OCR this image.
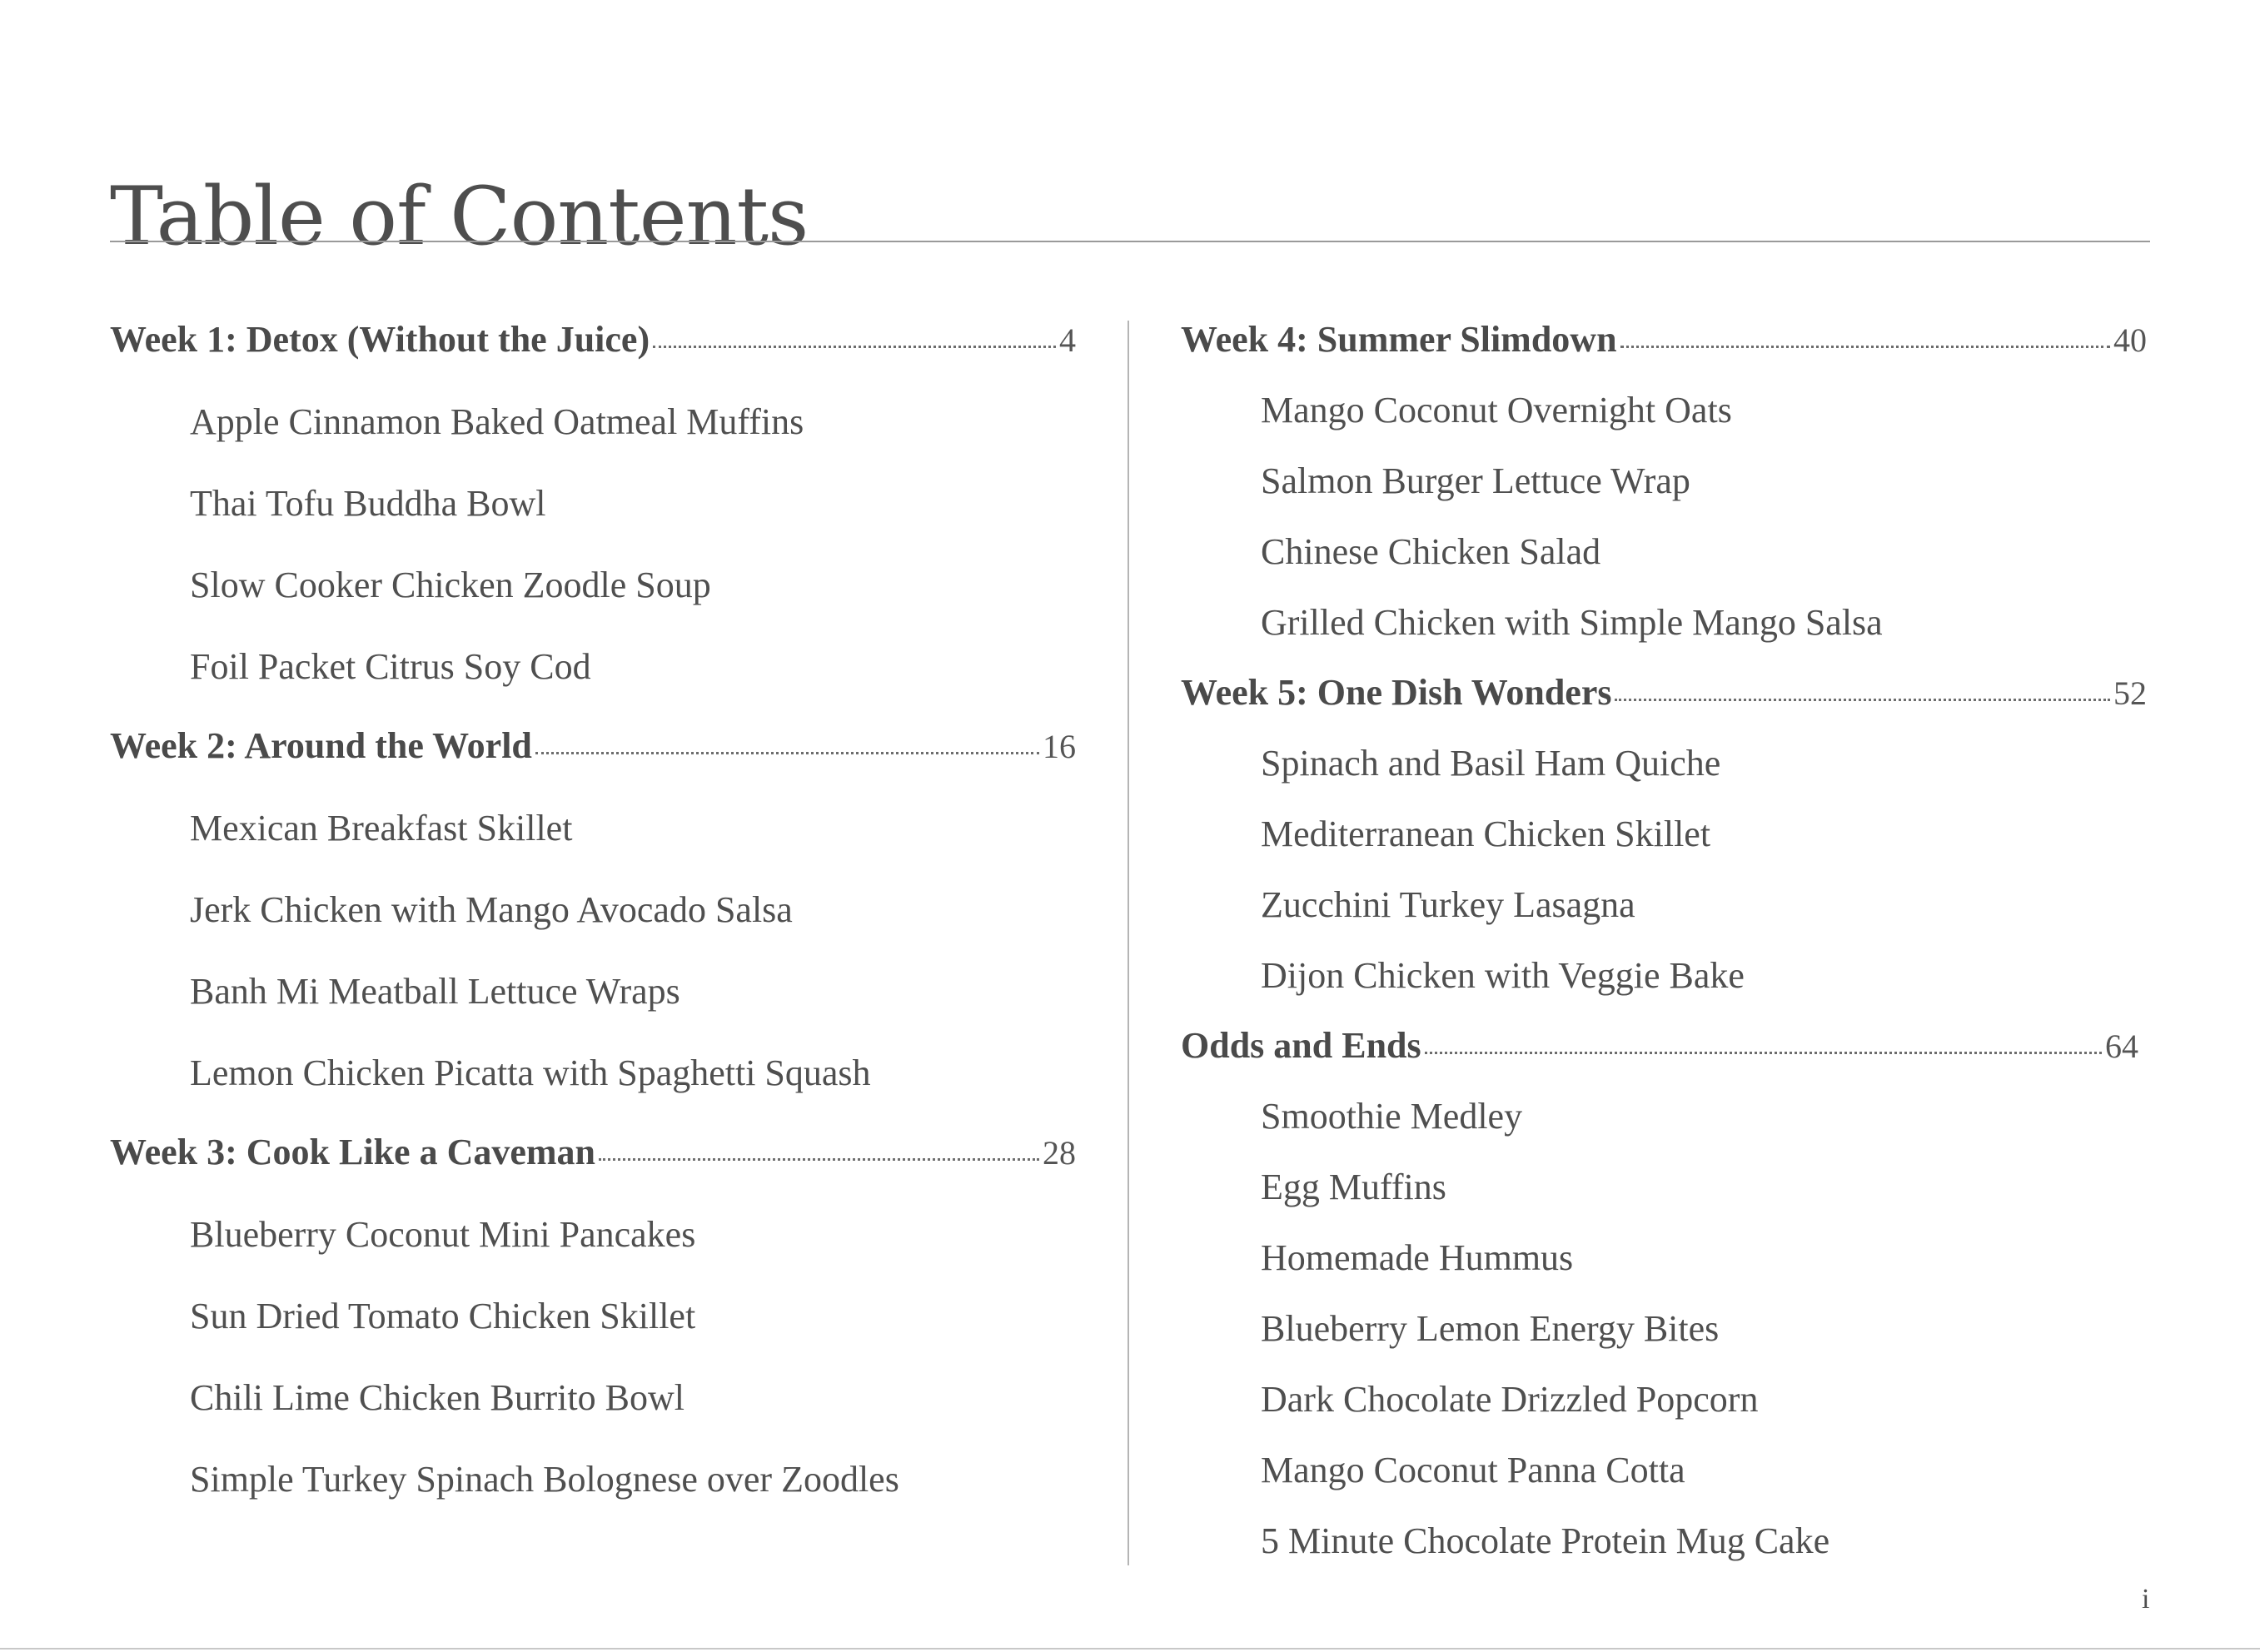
Table of Contents
Week 1: Detox (Without the Juice)	4
Apple Cinnamon Baked Oatmeal Muffins
Thai Tofu Buddha Bowl
Slow Cooker Chicken Zoodle Soup
Foil Packet Citrus Soy Cod
Week 2: Around the World	16
Mexican Breakfast Skillet
Jerk Chicken with Mango Avocado Salsa
Banh Mi Meatball Lettuce Wraps
Lemon Chicken Picatta with Spaghetti Squash
Week 3: Cook Like a Caveman	28
Blueberry Coconut Mini Pancakes
Sun Dried Tomato Chicken Skillet
Chili Lime Chicken Burrito Bowl
Simple Turkey Spinach Bolognese over Zoodles
Week 4: Summer Slimdown	40
Mango Coconut Overnight Oats
Salmon Burger Lettuce Wrap
Chinese Chicken Salad
Grilled Chicken with Simple Mango Salsa
Week 5: One Dish Wonders	52
Spinach and Basil Ham Quiche
Mediterranean Chicken Skillet
Zucchini Turkey Lasagna
Dijon Chicken with Veggie Bake
Odds and Ends	64
Smoothie Medley
Egg Muffins
Homemade Hummus
Blueberry Lemon Energy Bites
Dark Chocolate Drizzled Popcorn
Mango Coconut Panna Cotta
5 Minute Chocolate Protein Mug Cake
i
